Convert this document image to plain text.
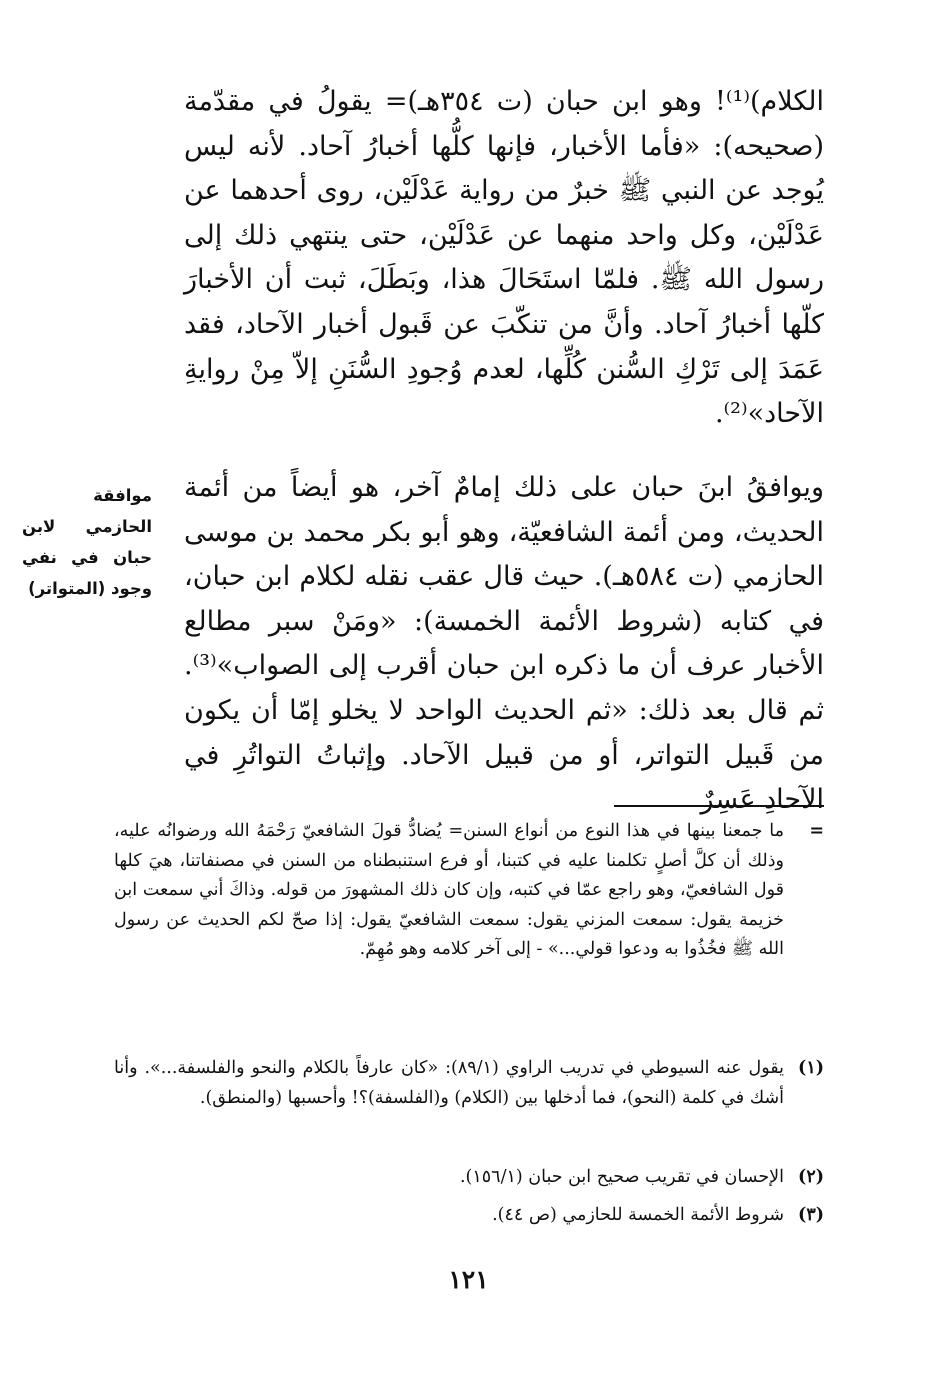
الكلام)⁽¹⁾! وهو ابن حبان (ت ٣٥٤هـ)= يقولُ في مقدّمة (صحيحه): «فأما الأخبار، فإنها كلُّها أخبارُ آحاد. لأنه ليس يُوجد عن النبي ﷺ خبرٌ من رواية عَدْلَيْن، روى أحدهما عن عَدْلَيْن، وكل واحد منهما عن عَدْلَيْن، حتى ينتهي ذلك إلى رسول الله ﷺ. فلمّا استَحَالَ هذا، وبَطَلَ، ثبت أن الأخبارَ كلّها أخبارُ آحاد. وأنَّ من تنكّبَ عن قَبول أخبار الآحاد، فقد عَمَدَ إلى تَرْكِ السُّنن كُلِّها، لعدم وُجودِ السُّنَنِ إلاّ مِنْ روايةِ الآحاد»⁽²⁾.

موافقة الحازمي لابن حبان في نفي وجود (المتواتر)

ويوافقُ ابنَ حبان على ذلك إمامٌ آخر، هو أيضاً من أئمة الحديث، ومن أئمة الشافعيّة، وهو أبو بكر محمد بن موسى الحازمي (ت ٥٨٤هـ). حيث قال عقب نقله لكلام ابن حبان، في كتابه (شروط الأئمة الخمسة): «ومَنْ سبر مطالع الأخبار عرف أن ما ذكره ابن حبان أقرب إلى الصواب»⁽³⁾. ثم قال بعد ذلك: «ثم الحديث الواحد لا يخلو إمّا أن يكون من قَبيل التواتر، أو من قبيل الآحاد. وإثباتُ التواتُرِ في الآحادِ عَسِرٌ

=
ما جمعنا بينها في هذا النوع من أنواع السنن= يُضادُّ قولَ الشافعيّ رَحْمَهُ الله ورضوانُه عليه، وذلك أن كلَّ أصلٍ تكلمنا عليه في كتبنا، أو فرع استنبطناه من السنن في مصنفاتنا، هيَ كلها قول الشافعيّ، وهو راجع عمّا في كتبه، وإن كان ذلك المشهورَ من قوله. وذاكَ أني سمعت ابن خزيمة يقول: سمعت المزني يقول: سمعت الشافعيّ يقول: إذا صحّ لكم الحديث عن رسول الله ﷺ فخُذُوا به ودعوا قولي...» - إلى آخر كلامه وهو مُهِمّ.
(١)
يقول عنه السيوطي في تدريب الراوي (٨٩/١): «كان عارفاً بالكلام والنحو والفلسفة...». وأنا أشك في كلمة (النحو)، فما أدخلها بين (الكلام) و(الفلسفة)؟! وأحسبها (والمنطق).
(٢)
الإحسان في تقريب صحيح ابن حبان (١٥٦/١).
(٣)
شروط الأئمة الخمسة للحازمي (ص ٤٤).
١٢١
